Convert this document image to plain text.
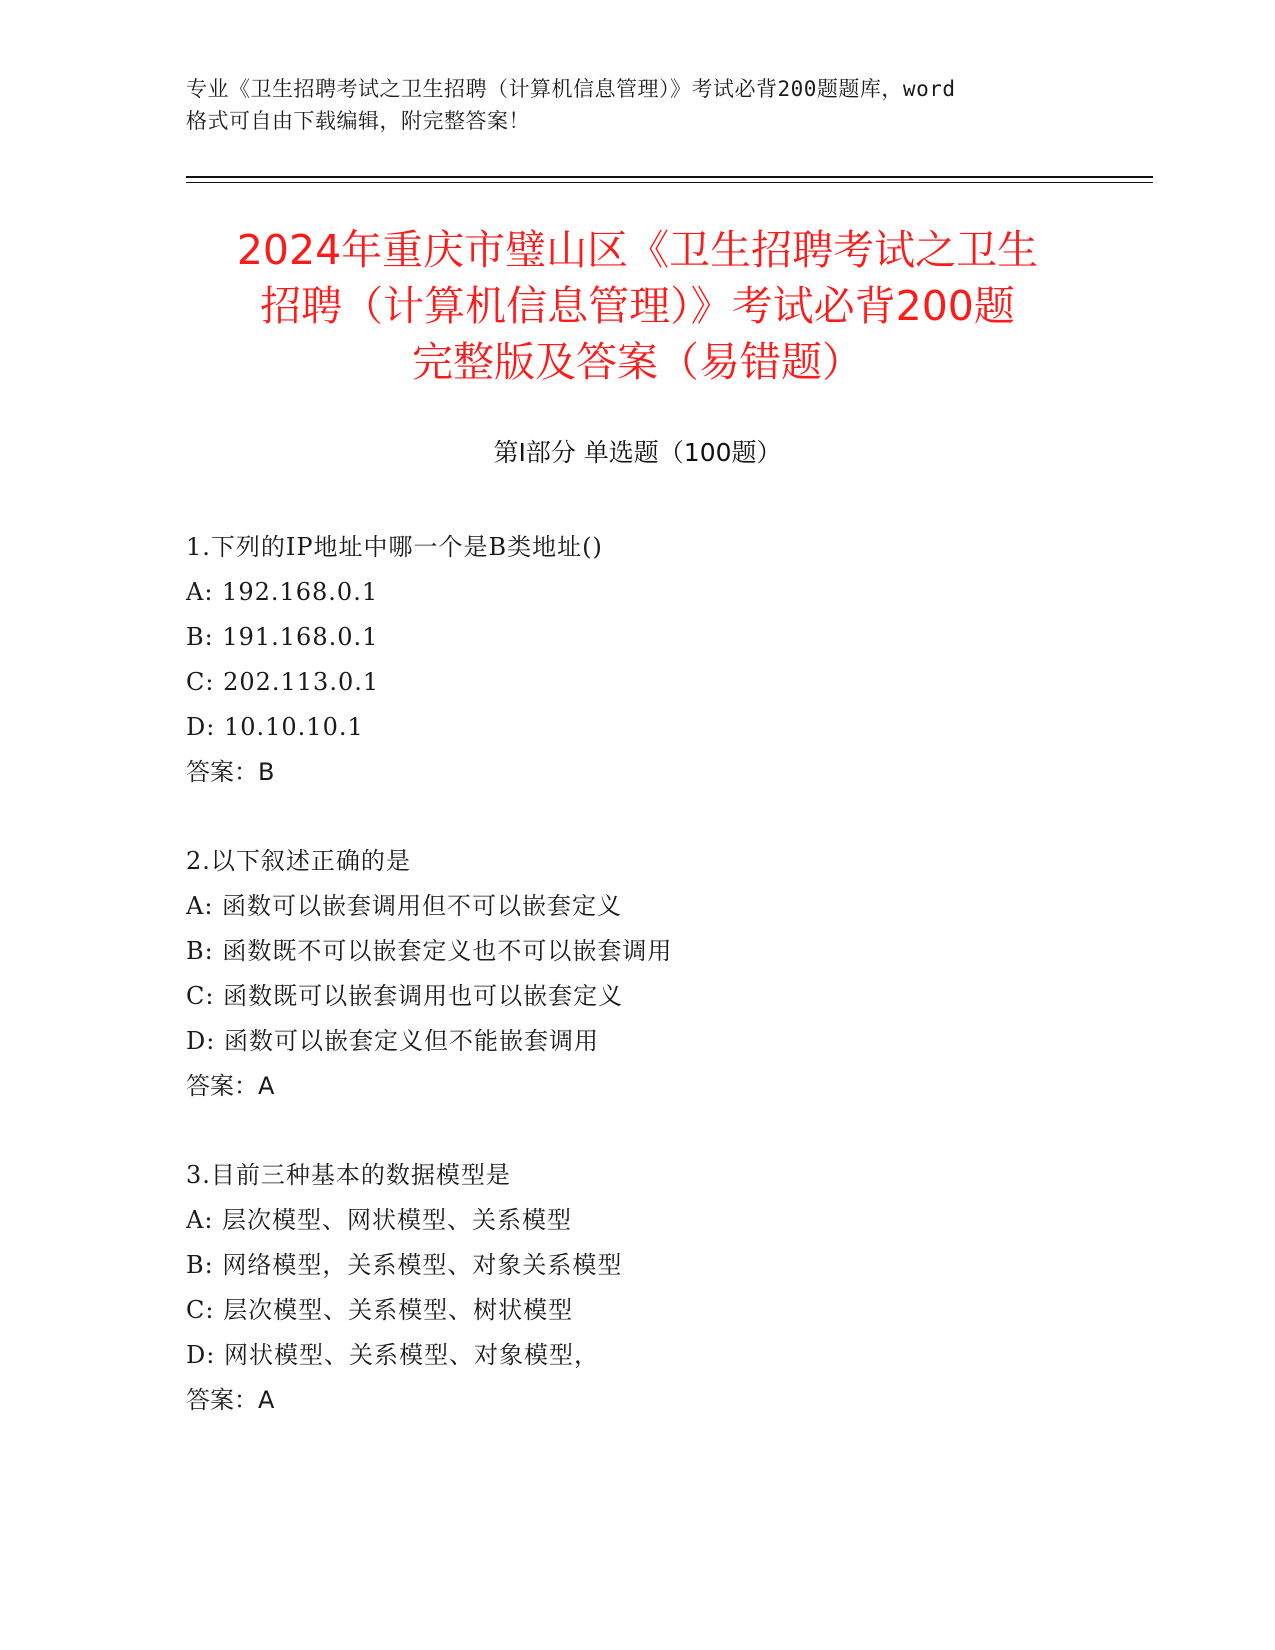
专业《卫生招聘考试之卫生招聘（计算机信息管理）》考试必背200题题库，word
格式可自由下载编辑，附完整答案！
2024年重庆市璧山区《卫生招聘考试之卫生
招聘（计算机信息管理）》考试必背200题
完整版及答案（易错题）
第I部分 单选题（100题）
1.下列的IP地址中哪一个是B类地址()
A: 192.168.0.1
B: 191.168.0.1
C: 202.113.0.1
D: 10.10.10.1
答案：B
2.以下叙述正确的是
A: 函数可以嵌套调用但不可以嵌套定义
B: 函数既不可以嵌套定义也不可以嵌套调用
C: 函数既可以嵌套调用也可以嵌套定义
D: 函数可以嵌套定义但不能嵌套调用
答案：A
3.目前三种基本的数据模型是
A: 层次模型、网状模型、关系模型
B: 网络模型，关系模型、对象关系模型
C: 层次模型、关系模型、树状模型
D: 网状模型、关系模型、对象模型，
答案：A
